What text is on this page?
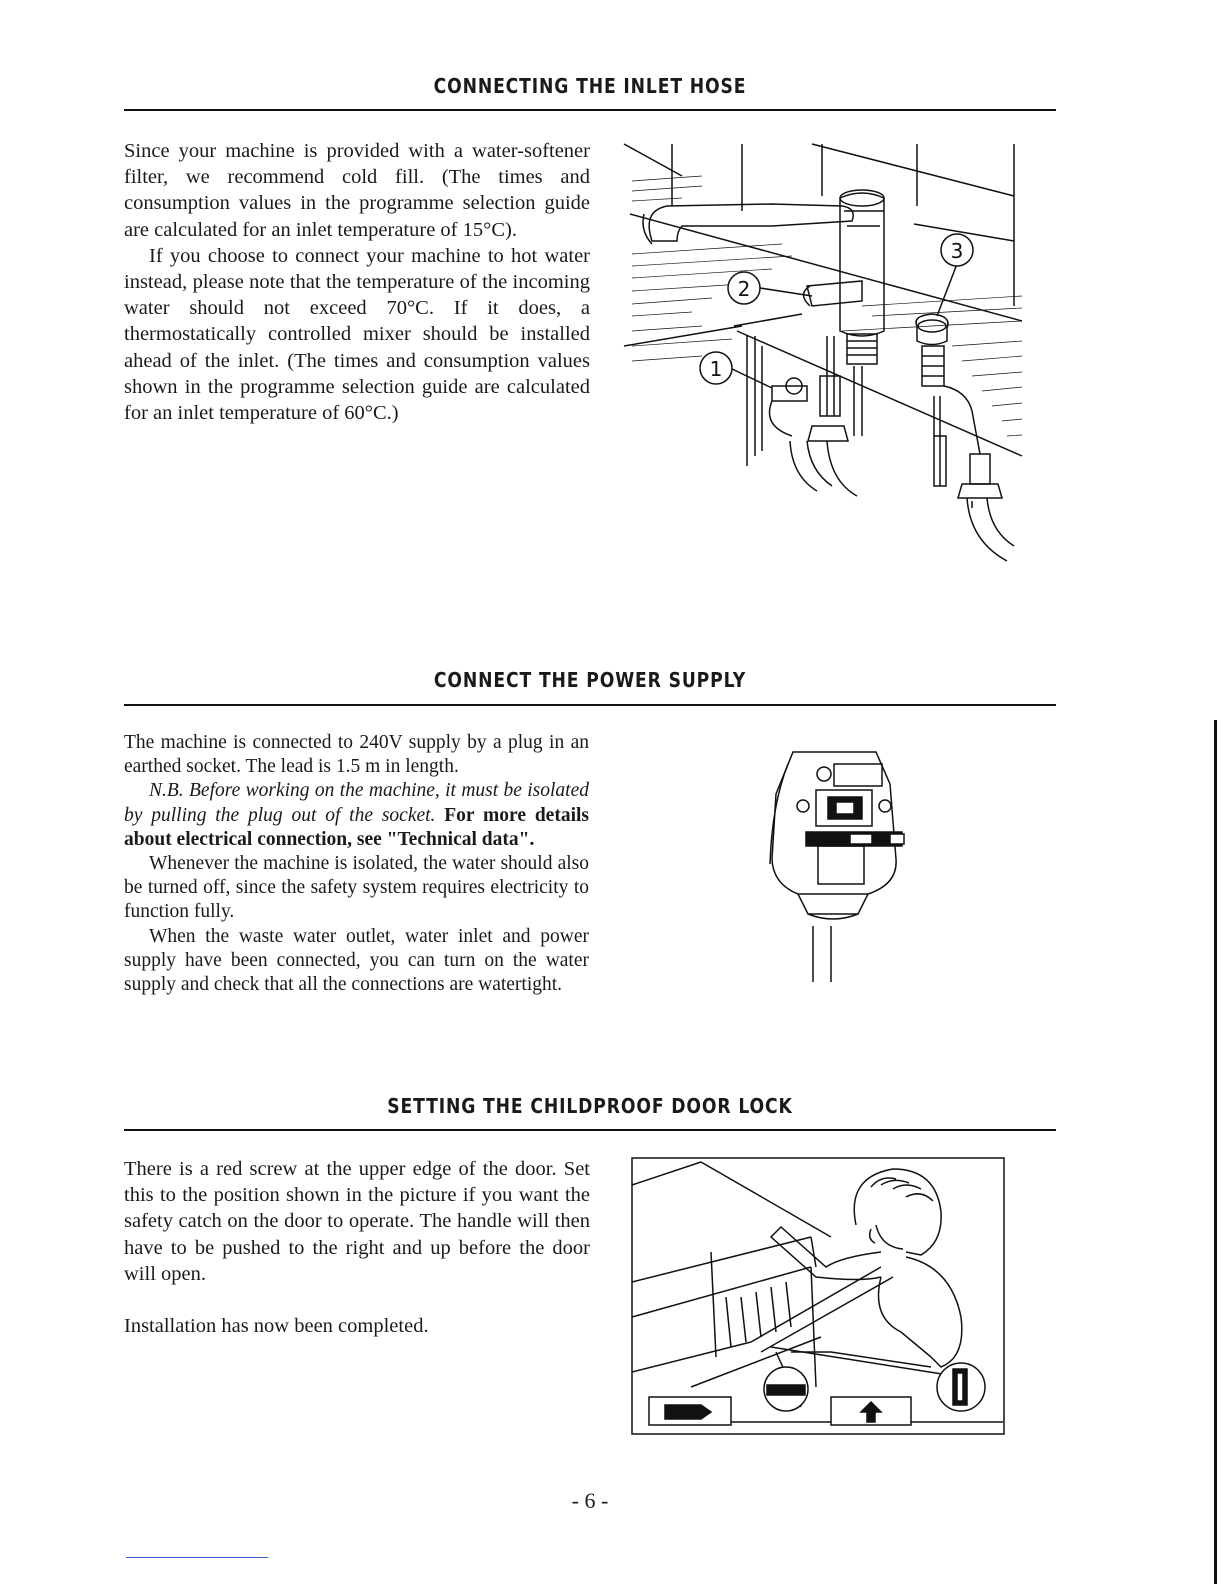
CONNECTING THE INLET HOSE

Since your machine is provided with a water-softener filter, we recommend cold fill. (The times and consumption values in the programme selection guide are calculated for an inlet temperature of 15°C).

If you choose to connect your machine to hot water instead, please note that the temperature of the incoming water should not exceed 70°C. If it does, a thermostatically controlled mixer should be installed ahead of the inlet. (The times and consumption values shown in the programme selection guide are calculated for an inlet temperature of 60°C.)

2
3
1
CONNECT THE POWER SUPPLY

The machine is connected to 240V supply by a plug in an earthed socket. The lead is 1.5 m in length.

N.B. Before working on the machine, it must be isolated by pulling the plug out of the socket. For more details about electrical connection, see "Technical data".

Whenever the machine is isolated, the water should also be turned off, since the safety system requires electricity to function fully.

When the waste water outlet, water inlet and power supply have been connected, you can turn on the water supply and check that all the connections are watertight.

SETTING THE CHILDPROOF DOOR LOCK

There is a red screw at the upper edge of the door. Set this to the position shown in the picture if you want the safety catch on the door to operate. The handle will then have to be pushed to the right and up before the door will open.

Installation has now been completed.

- 6 -
